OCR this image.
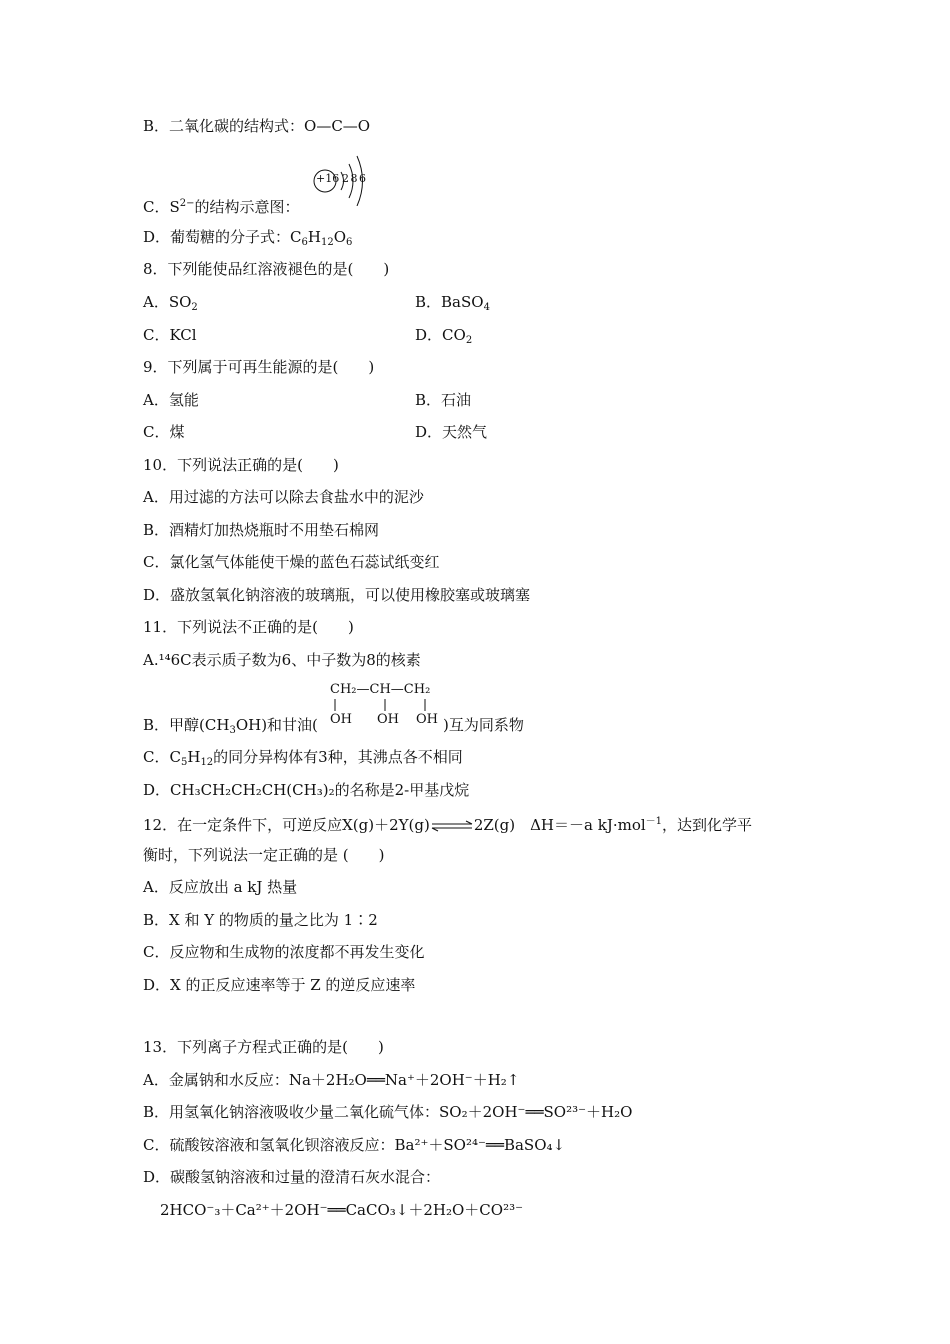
B．二氧化碳的结构式：O—C—O
+16 2 8 6
C．$S^{2-}$的结构示意图：
D．葡萄糖的分子式：$C_6H_{12}O_6$
8．下列能使品红溶液褪色的是(　　)
A．$SO_2$	B．BaSO$_4$
C．KCl	D．$CO_2$
9．下列属于可再生能源的是(　　)
A．氢能	B．石油
C．煤	D．天然气
10．下列说法正确的是(　　)
A．用过滤的方法可以除去食盐水中的泥沙
B．酒精灯加热烧瓶时不用垫石棉网
C．氯化氢气体能使干燥的蓝色石蕊试纸变红
D．盛放氢氧化钠溶液的玻璃瓶，可以使用橡胶塞或玻璃塞
11．下列说法不正确的是(　　)
A.¹⁴6C表示质子数为6、中子数为8的核素
CH₂—CH—CH₂
OH OH OH
B．甲醇$(CH_3OH)$和甘油(	)互为同系物
C．$C_5H_{12}$的同分异构体有3种，其沸点各不相同
D．CH₃CH₂CH₂CH(CH₃)₂的名称是2-甲基戊烷
12．在一定条件下，可逆反应X(g)＋2Y(g)⇌2Z(g)　ΔH＝－a kJ·mol$^{-1}$，达到化学平
衡时，下列说法一定正确的是 (　　)
A．反应放出 a kJ 热量
B．X 和 Y 的物质的量之比为 1∶2
C．反应物和生成物的浓度都不再发生变化
D．X 的正反应速率等于 Z 的逆反应速率
13．下列离子方程式正确的是(　　)
A．金属钠和水反应：Na＋2H₂O══Na⁺＋2OH⁻＋H₂↑
B．用氢氧化钠溶液吸收少量二氧化硫气体：SO₂＋2OH⁻══SO²³⁻＋H₂O
C．硫酸铵溶液和氢氧化钡溶液反应：Ba²⁺＋SO²⁴⁻══BaSO₄↓
D．碳酸氢钠溶液和过量的澄清石灰水混合：
2HCO⁻₃＋Ca²⁺＋2OH⁻══CaCO₃↓＋2H₂O＋CO²³⁻
